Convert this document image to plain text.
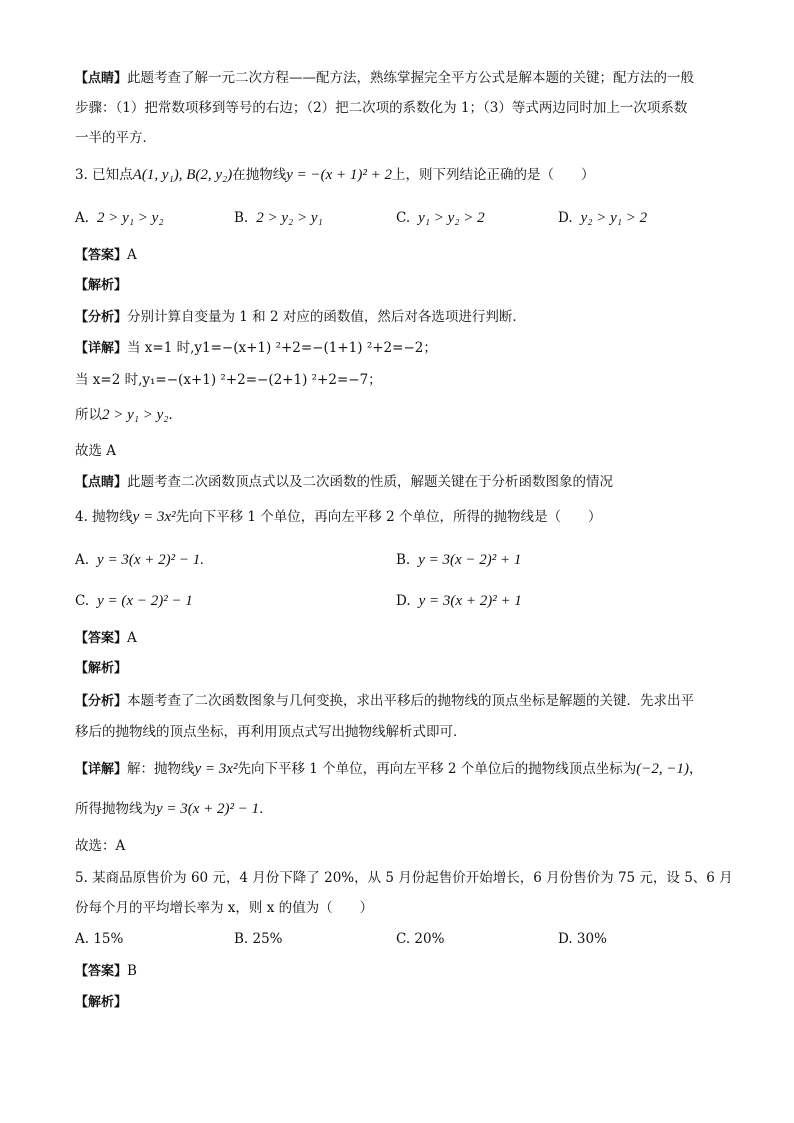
【点睛】此题考查了解一元二次方程——配方法，熟练掌握完全平方公式是解本题的关键；配方法的一般
步骤：（1）把常数项移到等号的右边；（2）把二次项的系数化为 1；（3）等式两边同时加上一次项系数
一半的平方．
3. 已知点A(1, y₁), B(2, y₂)在抛物线y = −(x + 1)² + 2上，则下列结论正确的是（　　）
A. 2 > y₁ > y₂	B. 2 > y₂ > y₁	C. y₁ > y₂ > 2	D. y₂ > y₁ > 2
【答案】A
【解析】
【分析】分别计算自变量为 1 和 2 对应的函数值，然后对各选项进行判断．
【详解】当 x=1 时,y1=−(x+1) ²+2=−(1+1) ²+2=−2；
当 x=2 时,y₁=−(x+1) ²+2=−(2+1) ²+2=−7；
所以2 > y₁ > y₂．
故选 A
【点睛】此题考查二次函数顶点式以及二次函数的性质，解题关键在于分析函数图象的情况
4. 抛物线y = 3x²先向下平移 1 个单位，再向左平移 2 个单位，所得的抛物线是（　　）
A. y = 3(x + 2)² − 1.	B. y = 3(x − 2)² + 1
C. y = (x − 2)² − 1	D. y = 3(x + 2)² + 1
【答案】A
【解析】
【分析】本题考查了二次函数图象与几何变换，求出平移后的抛物线的顶点坐标是解题的关键．先求出平
移后的抛物线的顶点坐标，再利用顶点式写出抛物线解析式即可．
【详解】解：抛物线y = 3x²先向下平移 1 个单位，再向左平移 2 个单位后的抛物线顶点坐标为(−2, −1)，
所得抛物线为y = 3(x + 2)² − 1．
故选：A
5. 某商品原售价为 60 元，4 月份下降了 20%，从 5 月份起售价开始增长，6 月份售价为 75 元，设 5、6 月
份每个月的平均增长率为 x，则 x 的值为（　　）
A. 15%	B. 25%	C. 20%	D. 30%
【答案】B
【解析】
